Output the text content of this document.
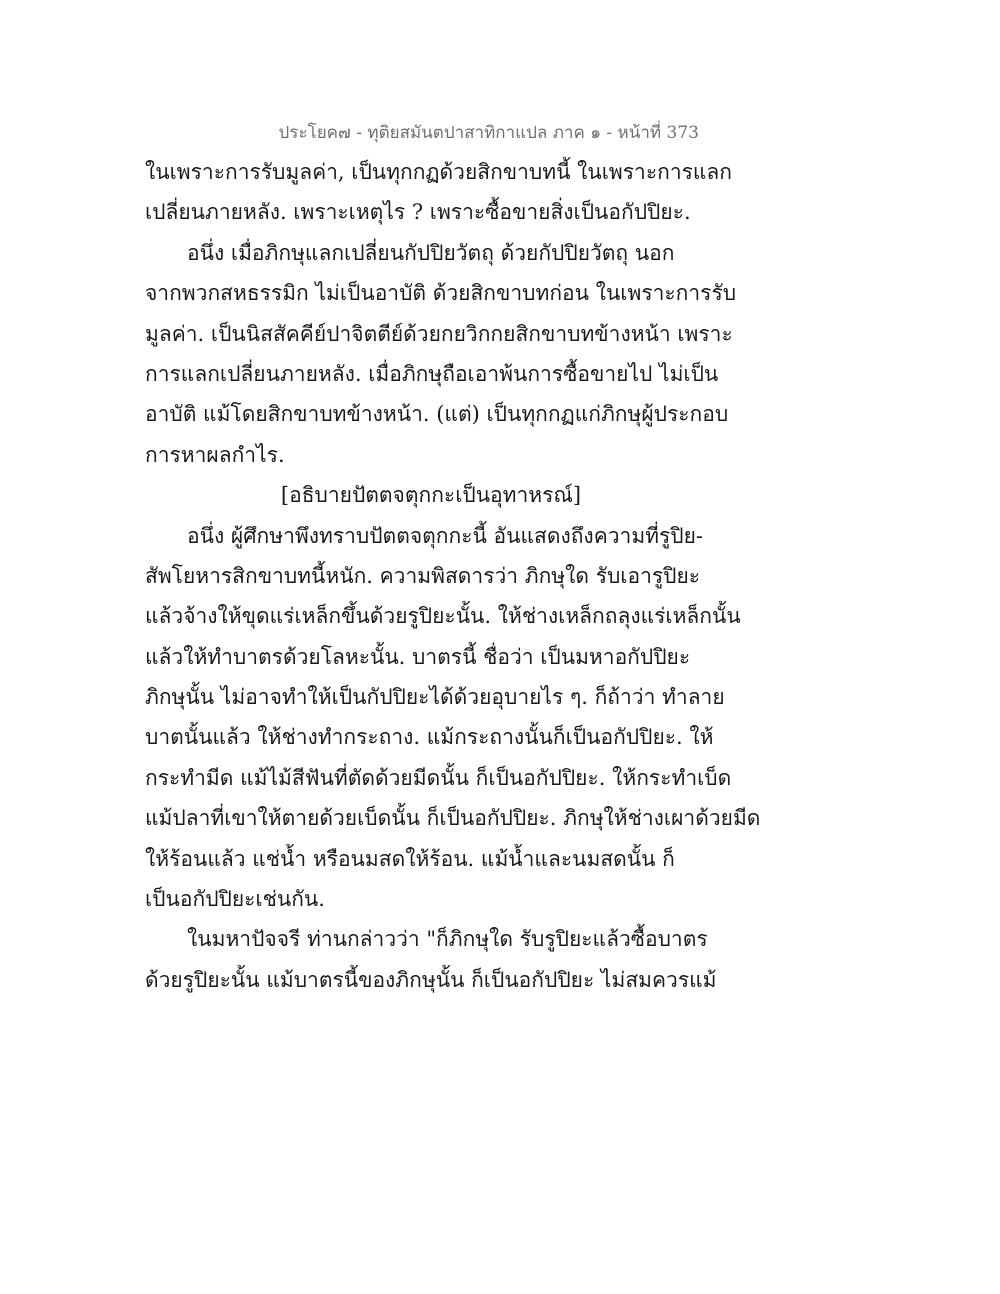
ประโยค๗ - ทุติยสมันตปาสาทิกาแปล ภาค ๑ - หน้าที่ 373
ในเพราะการรับมูลค่า, เป็นทุกกฏด้วยสิกขาบทนี้ ในเพราะการแลก
เปลี่ยนภายหลัง. เพราะเหตุไร ? เพราะซื้อขายสิ่งเป็นอกัปปิยะ.
อนึ่ง เมื่อภิกษุแลกเปลี่ยนกัปปิยวัตถุ ด้วยกัปปิยวัตถุ นอก
จากพวกสหธรรมิก ไม่เป็นอาบัติ ด้วยสิกขาบทก่อน ในเพราะการรับ
มูลค่า. เป็นนิสสัคคีย์ปาจิตตีย์ด้วยกยวิกกยสิกขาบทข้างหน้า เพราะ
การแลกเปลี่ยนภายหลัง. เมื่อภิกษุถือเอาพ้นการซื้อขายไป ไม่เป็น
อาบัติ แม้โดยสิกขาบทข้างหน้า. (แต่) เป็นทุกกฏแก่ภิกษุผู้ประกอบ
การหาผลกำไร.
[อธิบายปัตตจตุกกะเป็นอุทาหรณ์]
อนึ่ง ผู้ศึกษาพึงทราบปัตตจตุกกะนี้ อันแสดงถึงความที่รูปิย-
สัพโยหารสิกขาบทนี้หนัก. ความพิสดารว่า ภิกษุใด รับเอารูปิยะ
แล้วจ้างให้ขุดแร่เหล็กขึ้นด้วยรูปิยะนั้น. ให้ช่างเหล็กถลุงแร่เหล็กนั้น
แล้วให้ทำบาตรด้วยโลหะนั้น. บาตรนี้ ชื่อว่า เป็นมหาอกัปปิยะ
ภิกษุนั้น ไม่อาจทำให้เป็นกัปปิยะได้ด้วยอุบายไร ๆ. ก็ถ้าว่า ทำลาย
บาตนั้นแล้ว ให้ช่างทำกระถาง. แม้กระถางนั้นก็เป็นอกัปปิยะ. ให้
กระทำมีด แม้ไม้สีฟันที่ตัดด้วยมีดนั้น ก็เป็นอกัปปิยะ. ให้กระทำเบ็ด
แม้ปลาที่เขาให้ตายด้วยเบ็ดนั้น ก็เป็นอกัปปิยะ. ภิกษุให้ช่างเผาด้วยมีด
ให้ร้อนแล้ว แช่น้ำ หรือนมสดให้ร้อน. แม้น้ำและนมสดนั้น ก็
เป็นอกัปปิยะเช่นกัน.
ในมหาปัจจรี ท่านกล่าวว่า "ก็ภิกษุใด รับรูปิยะแล้วซื้อบาตร
ด้วยรูปิยะนั้น แม้บาตรนี้ของภิกษุนั้น ก็เป็นอกัปปิยะ ไม่สมควรแม้
